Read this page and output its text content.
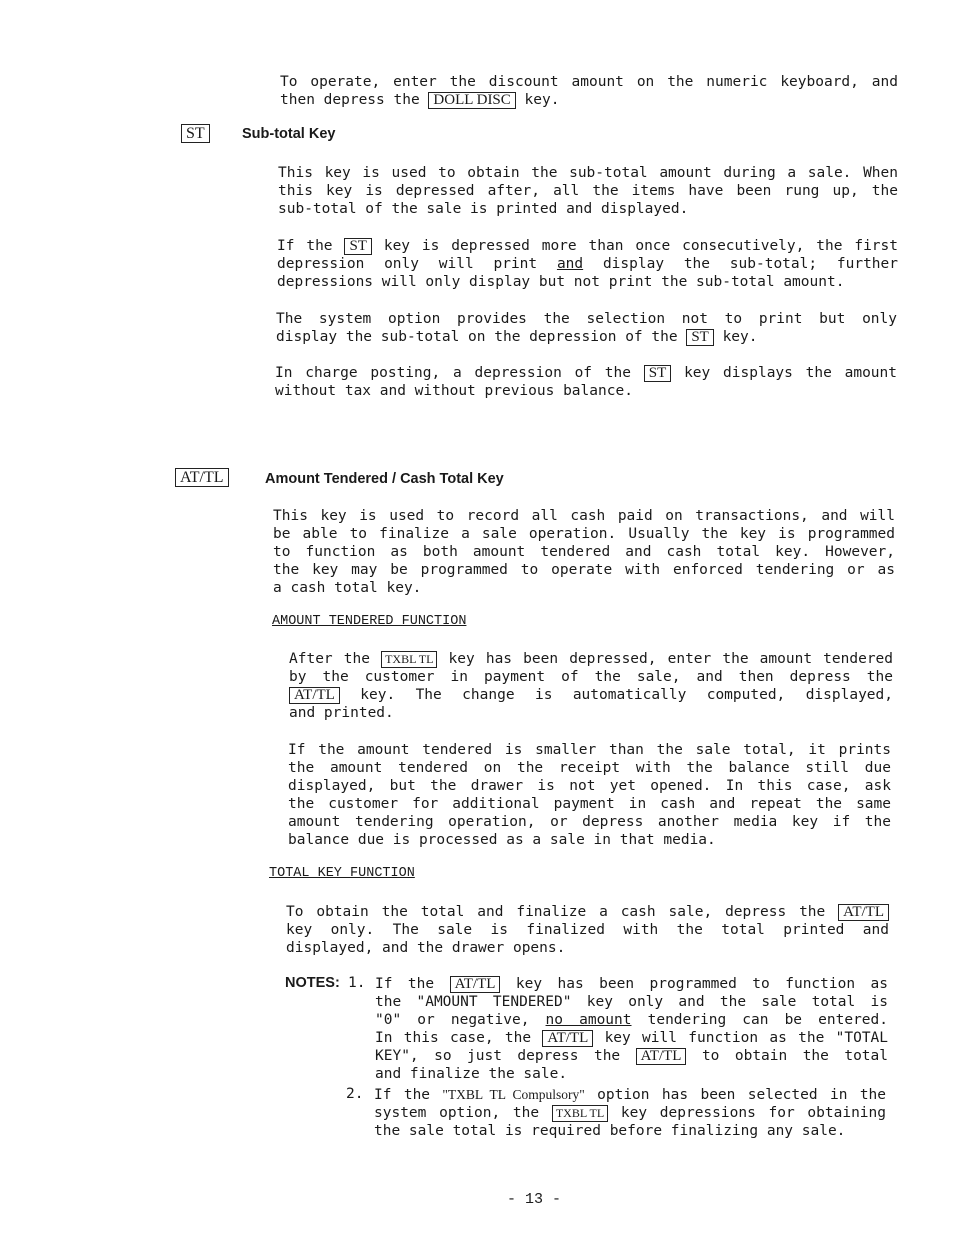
To operate, enter the discount amount on the numeric keyboard, and
then depress the DOLL DISC key.
ST	Sub-total Key
This key is used to obtain the sub-total amount during a sale. When
this key is depressed after, all the items have been rung up, the
sub-total of the sale is printed and displayed.
If the ST key is depressed more than once consecutively, the first
depression only will print and display the sub-total; further
depressions will only display but not print the sub-total amount.
The system option provides the selection not to print but only
display the sub-total on the depression of the ST key.
In charge posting, a depression of the ST key displays the amount
without tax and without previous balance.
AT/TL	Amount Tendered / Cash Total Key
This key is used to record all cash paid on transactions, and will
be able to finalize a sale operation. Usually the key is programmed
to function as both amount tendered and cash total key. However,
the key may be programmed to operate with enforced tendering or as
a cash total key.
AMOUNT TENDERED FUNCTION
After the TXBL TL key has been depressed, enter the amount tendered
by the customer in payment of the sale, and then depress the
AT/TL key. The change is automatically computed, displayed,
and printed.
If the amount tendered is smaller than the sale total, it prints
the amount tendered on the receipt with the balance still due
displayed, but the drawer is not yet opened. In this case, ask
the customer for additional payment in cash and repeat the same
amount tendering operation, or depress another media key if the
balance due is processed as a sale in that media.
TOTAL KEY FUNCTION
To obtain the total and finalize a cash sale, depress the AT/TL
key only. The sale is finalized with the total printed and
displayed, and the drawer opens.
NOTES: 1. If the AT/TL key has been programmed to function as
the "AMOUNT TENDERED" key only and the sale total is
"0" or negative, no amount tendering can be entered.
In this case, the AT/TL key will function as the "TOTAL
KEY", so just depress the AT/TL to obtain the total
and finalize the sale.
2. If the "TXBL TL Compulsory" option has been selected in the
system option, the TXBL TL key depressions for obtaining
the sale total is required before finalizing any sale.
- 13 -
